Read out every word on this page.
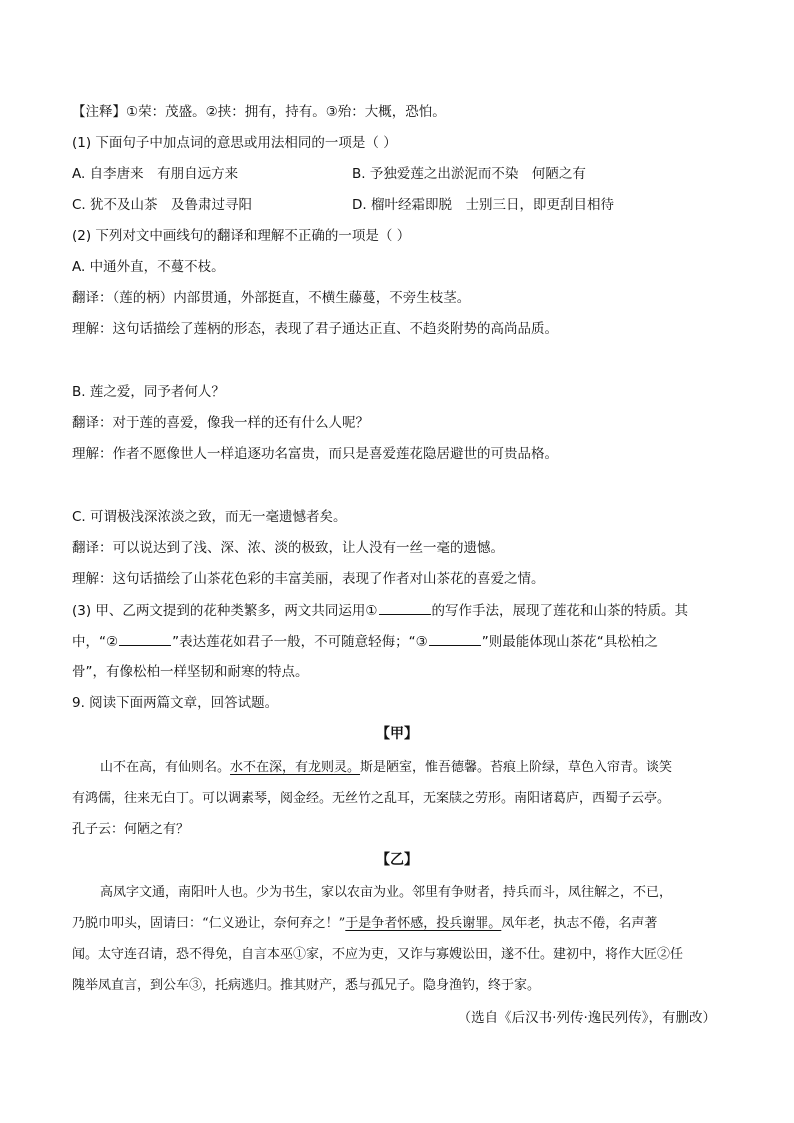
【注释】①荣：茂盛。②挟：拥有，持有。③殆：大概，恐怕。
(1) 下面句子中加点词的意思或用法相同的一项是（ ）
A. 自李唐来　有朋自远方来	B. 予独爱莲之出淤泥而不染　何陋之有
C. 犹不及山茶　及鲁肃过寻阳	D. 榴叶经霜即脱　士别三日，即更刮目相待
(2) 下列对文中画线句的翻译和理解不正确的一项是（ ）
A. 中通外直，不蔓不枝。
翻译：（莲的柄）内部贯通，外部挺直，不横生藤蔓，不旁生枝茎。
理解：这句话描绘了莲柄的形态，表现了君子通达正直、不趋炎附势的高尚品质。
B. 莲之爱，同予者何人？
翻译：对于莲的喜爱，像我一样的还有什么人呢？
理解：作者不愿像世人一样追逐功名富贵，而只是喜爱莲花隐居避世的可贵品格。
C. 可谓极浅深浓淡之致，而无一毫遗憾者矣。
翻译：可以说达到了浅、深、浓、淡的极致，让人没有一丝一毫的遗憾。
理解：这句话描绘了山茶花色彩的丰富美丽，表现了作者对山茶花的喜爱之情。
(3) 甲、乙两文提到的花种类繁多，两文共同运用①	的写作手法，展现了莲花和山茶的特质。其
中，“②	”表达莲花如君子一般，不可随意轻侮；“③	”则最能体现山茶花“具松柏之
骨”，有像松柏一样坚韧和耐寒的特点。
9. 阅读下面两篇文章，回答试题。
【甲】
山不在高，有仙则名。水不在深，有龙则灵。斯是陋室，惟吾德馨。苔痕上阶绿，草色入帘青。谈笑
有鸿儒，往来无白丁。可以调素琴，阅金经。无丝竹之乱耳，无案牍之劳形。南阳诸葛庐，西蜀子云亭。
孔子云：何陋之有？
【乙】
高凤字文通，南阳叶人也。少为书生，家以农亩为业。邻里有争财者，持兵而斗，凤往解之，不已，
乃脱巾叩头，固请曰：“仁义逊让，奈何弃之！”于是争者怀感，投兵谢罪。凤年老，执志不倦，名声著
闻。太守连召请，恐不得免，自言本巫①家，不应为吏，又诈与寡嫂讼田，遂不仕。建初中，将作大匠②任
隗举凤直言，到公车③，托病逃归。推其财产，悉与孤兄子。隐身渔钓，终于家。
（选自《后汉书·列传·逸民列传》，有删改）
